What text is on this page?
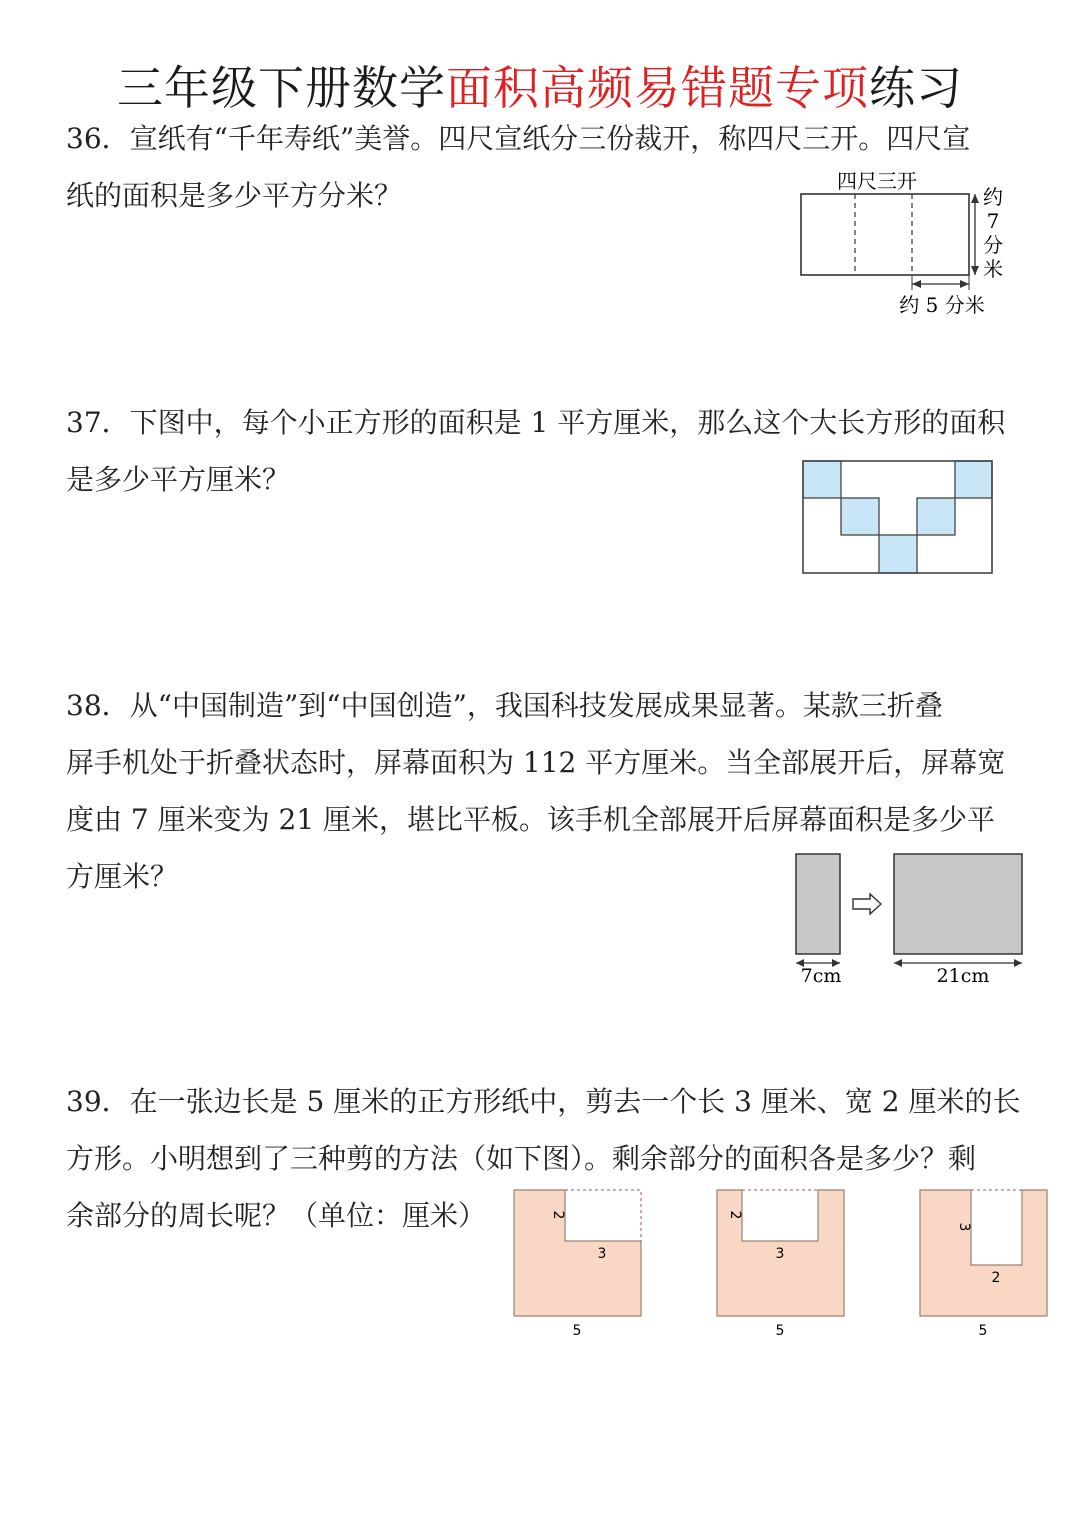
三年级下册数学面积高频易错题专项练习
36．宣纸有“千年寿纸”美誉。四尺宣纸分三份裁开，称四尺三开。四尺宣
纸的面积是多少平方分米？	四尺三开
约
7
分
米
约 5 分米
37．下图中，每个小正方形的面积是 1 平方厘米，那么这个大长方形的面积
是多少平方厘米？
38．从“中国制造”到“中国创造”，我国科技发展成果显著。某款三折叠
屏手机处于折叠状态时，屏幕面积为 112 平方厘米。当全部展开后，屏幕宽
度由 7 厘米变为 21 厘米，堪比平板。该手机全部展开后屏幕面积是多少平
方厘米？
7cm	21cm
39．在一张边长是 5 厘米的正方形纸中，剪去一个长 3 厘米、宽 2 厘米的长
方形。小明想到了三种剪的方法（如下图）。剩余部分的面积各是多少？剩
余部分的周长呢？（单位：厘米）	2
3
5
2
3
5
3
2
5
